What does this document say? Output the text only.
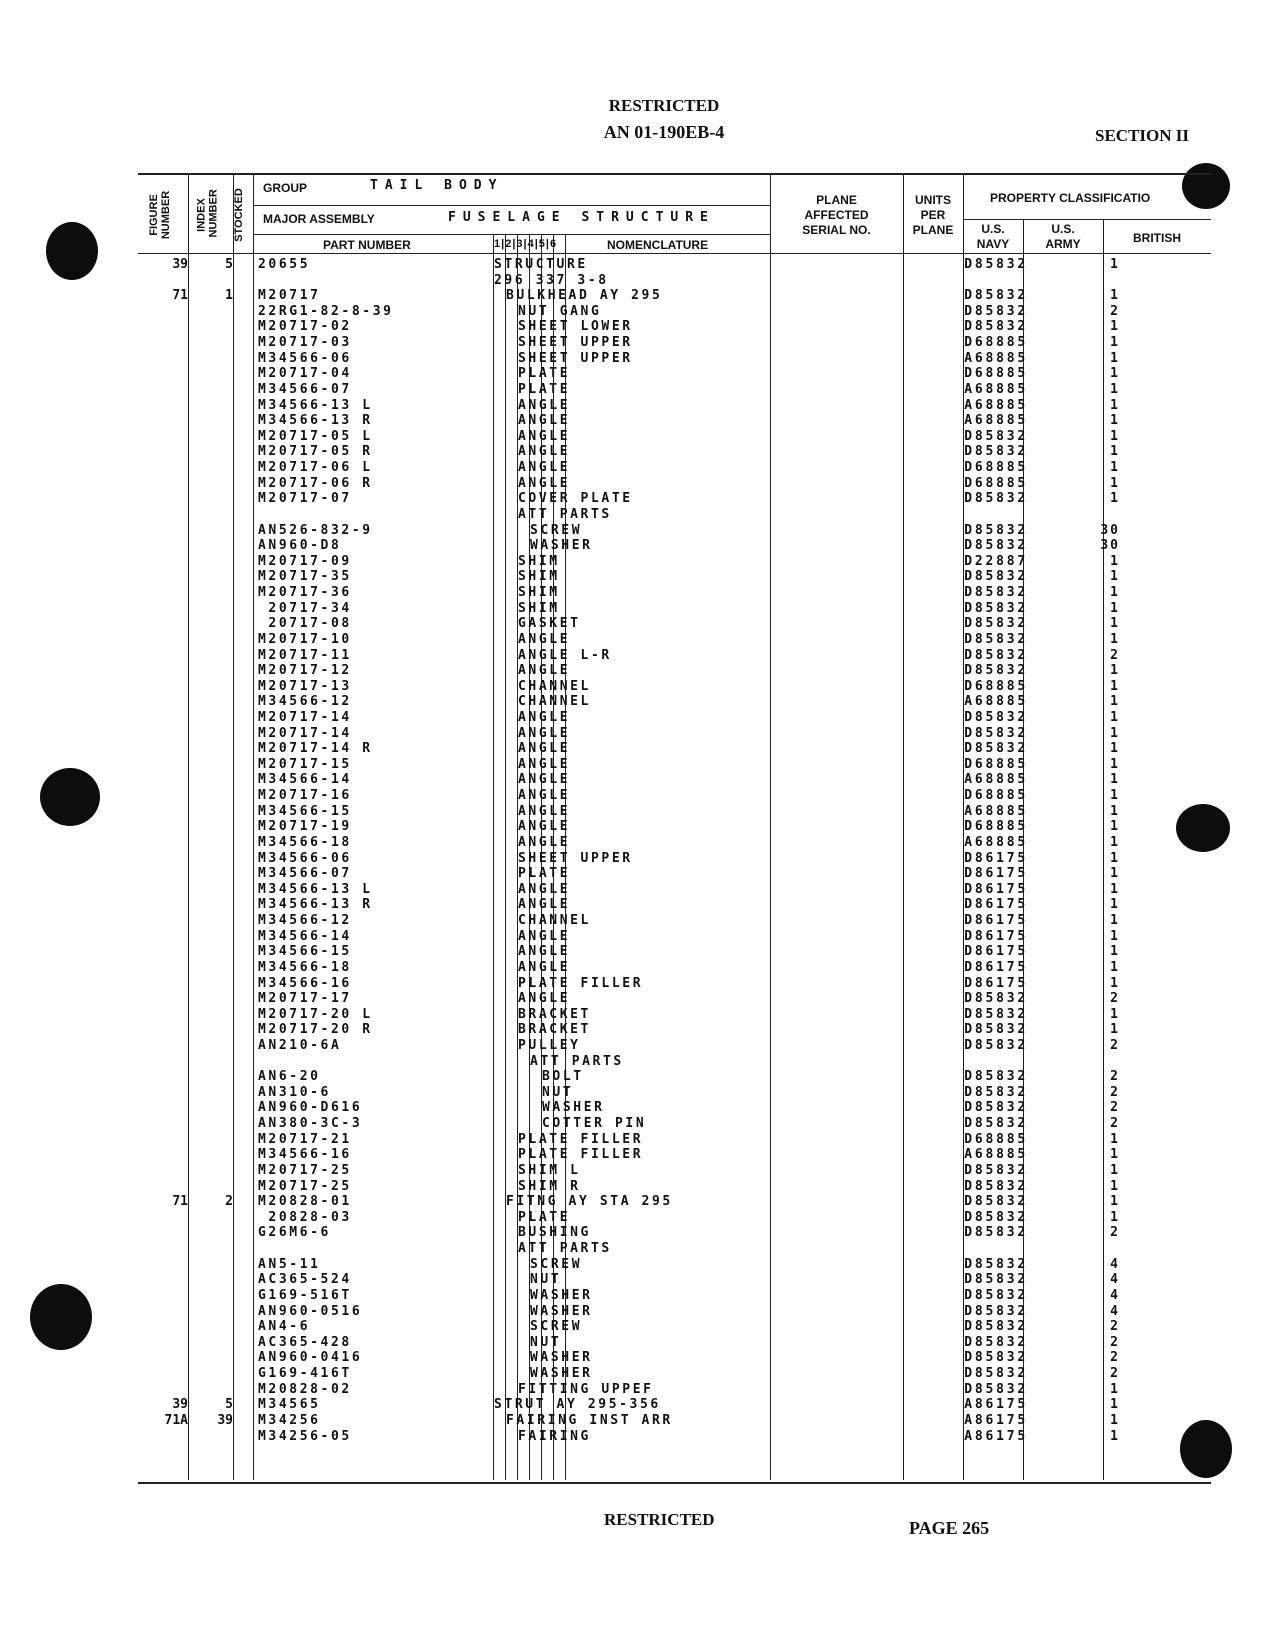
RESTRICTED
AN 01-190EB-4	SECTION II
FIGURE
NUMBER	INDEX
NUMBER	STOCKED
GROUP	TAIL BODY
MAJOR ASSEMBLY	FUSELAGE STRUCTURE
PART NUMBER	1|2|3|4|5|6	NOMENCLATURE
PLANE
AFFECTED
SERIAL NO.
UNITS
PER
PLANE
PROPERTY CLASSIFICATIO
U.S.
NAVY
U.S.
ARMY	BRITISH
39	5 20655	STRUCTURE	D85832	1
296 337 3-8
71	1 M20717	BULKHEAD AY 295	D85832	1
22RG1-82-8-39	NUT GANG	D85832	2
M20717-02	SHEET LOWER	D85832	1
M20717-03	SHEET UPPER	D68885	1
M34566-06	SHEET UPPER	A68885	1
M20717-04	PLATE	D68885	1
M34566-07	PLATE	A68885	1
M34566-13 L	ANGLE	A68885	1
M34566-13 R	ANGLE	A68885	1
M20717-05 L	ANGLE	D85832	1
M20717-05 R	ANGLE	D85832	1
M20717-06 L	ANGLE	D68885	1
M20717-06 R	ANGLE	D68885	1
M20717-07	COVER PLATE	D85832	1
ATT PARTS
AN526-832-9	SCREW	D85832	30
AN960-D8	WASHER	D85832	30
M20717-09	SHIM	D22887	1
M20717-35	SHIM	D85832	1
M20717-36	SHIM	D85832	1
20717-34	SHIM	D85832	1
20717-08	GASKET	D85832	1
M20717-10	ANGLE	D85832	1
M20717-11	ANGLE L-R	D85832	2
M20717-12	ANGLE	D85832	1
M20717-13	CHANNEL	D68885	1
M34566-12	CHANNEL	A68885	1
M20717-14	ANGLE	D85832	1
M20717-14	ANGLE	D85832	1
M20717-14 R	ANGLE	D85832	1
M20717-15	ANGLE	D68885	1
M34566-14	ANGLE	A68885	1
M20717-16	ANGLE	D68885	1
M34566-15	ANGLE	A68885	1
M20717-19	ANGLE	D68885	1
M34566-18	ANGLE	A68885	1
M34566-06	SHEET UPPER	D86175	1
M34566-07	PLATE	D86175	1
M34566-13 L	ANGLE	D86175	1
M34566-13 R	ANGLE	D86175	1
M34566-12	CHANNEL	D86175	1
M34566-14	ANGLE	D86175	1
M34566-15	ANGLE	D86175	1
M34566-18	ANGLE	D86175	1
M34566-16	PLATE FILLER	D86175	1
M20717-17	ANGLE	D85832	2
M20717-20 L	BRACKET	D85832	1
M20717-20 R	BRACKET	D85832	1
AN210-6A	PULLEY	D85832	2
ATT PARTS
AN6-20	BOLT	D85832	2
AN310-6	NUT	D85832	2
AN960-D616	WASHER	D85832	2
AN380-3C-3	COTTER PIN	D85832	2
M20717-21	PLATE FILLER	D68885	1
M34566-16	PLATE FILLER	A68885	1
M20717-25	SHIM L	D85832	1
M20717-25	SHIM R	D85832	1
71	2 M20828-01	FITNG AY STA 295	D85832	1
20828-03	PLATE	D85832	1
G26M6-6	BUSHING	D85832	2
ATT PARTS
AN5-11	SCREW	D85832	4
AC365-524	NUT	D85832	4
G169-516T	WASHER	D85832	4
AN960-0516	WASHER	D85832	4
AN4-6	SCREW	D85832	2
AC365-428	NUT	D85832	2
AN960-0416	WASHER	D85832	2
G169-416T	WASHER	D85832	2
M20828-02	FITTING UPPEF	D85832	1
39	5 M34565	STRUT AY 295-356	A86175	1
71A	39 M34256	FAIRING INST ARR	A86175	1
M34256-05	FAIRING	A86175	1
RESTRICTED	PAGE 265
